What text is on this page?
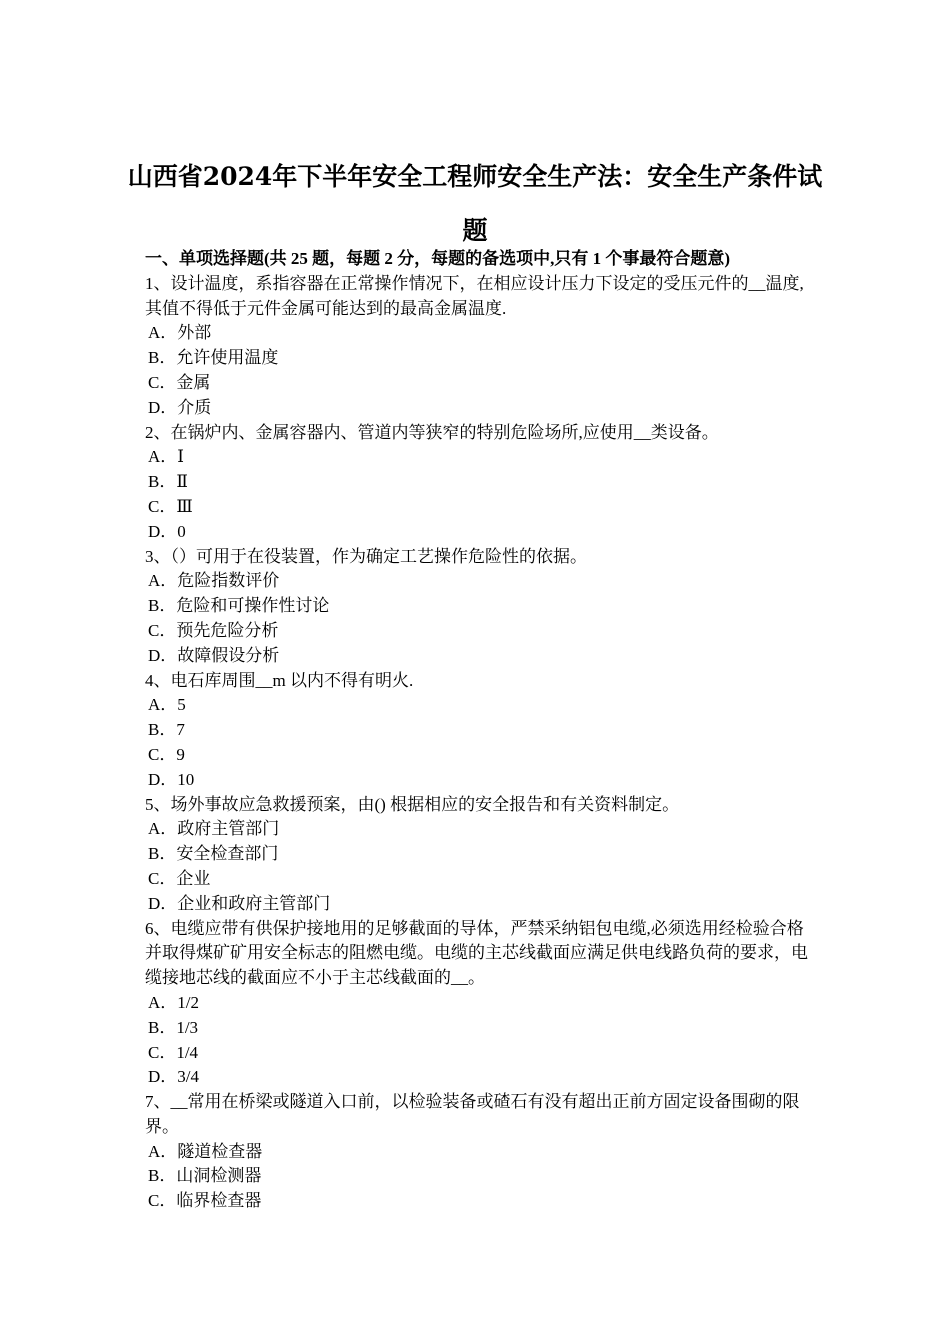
山西省2024年下半年安全工程师安全生产法：安全生产条件试题
一、单项选择题(共 25 题，每题 2 分，每题的备选项中,只有 1 个事最符合题意)
1、设计温度，系指容器在正常操作情况下，在相应设计压力下设定的受压元件的__温度,其值不得低于元件金属可能达到的最高金属温度.
A．外部
B．允许使用温度
C．金属
D．介质
2、在锅炉内、金属容器内、管道内等狭窄的特别危险场所,应使用__类设备。
A．Ⅰ
B．Ⅱ
C．Ⅲ
D．0
3、（）可用于在役装置，作为确定工艺操作危险性的依据。
A．危险指数评价
B．危险和可操作性讨论
C．预先危险分析
D．故障假设分析
4、电石库周围__m 以内不得有明火.
A．5
B．7
C．9
D．10
5、场外事故应急救援预案，由() 根据相应的安全报告和有关资料制定。
A．政府主管部门
B．安全检查部门
C．企业
D．企业和政府主管部门
6、电缆应带有供保护接地用的足够截面的导体，严禁采纳铝包电缆,必须选用经检验合格并取得煤矿矿用安全标志的阻燃电缆。电缆的主芯线截面应满足供电线路负荷的要求，电缆接地芯线的截面应不小于主芯线截面的__。
A．1/2
B．1/3
C．1/4
D．3/4
7、__常用在桥梁或隧道入口前，以检验装备或碴石有没有超出正前方固定设备围砌的限界。
A．隧道检查器
B．山洞检测器
C．临界检查器
